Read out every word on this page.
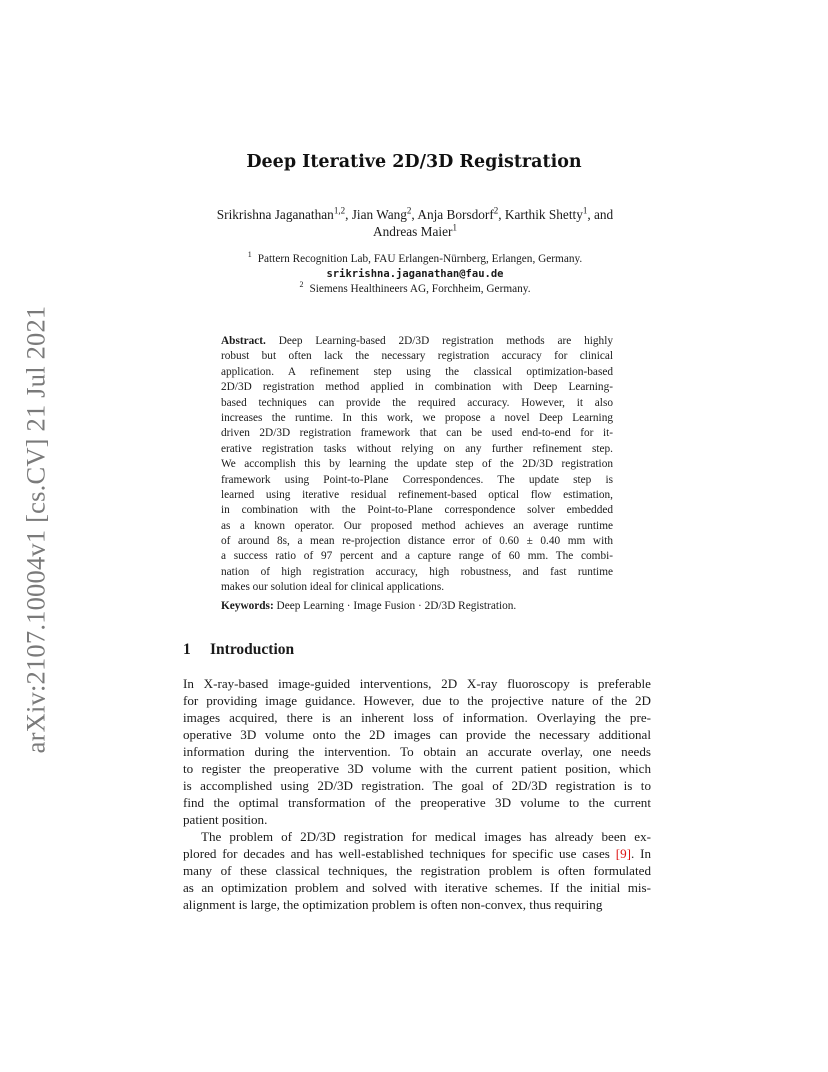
arXiv:2107.10004v1 [cs.CV] 21 Jul 2021
Deep Iterative 2D/3D Registration
Srikrishna Jaganathan$^{1,2}$, Jian Wang$^2$, Anja Borsdorf$^2$, Karthik Shetty$^1$, and
Andreas Maier$^1$
$^1$ Pattern Recognition Lab, FAU Erlangen-Nürnberg, Erlangen, Germany.
srikrishna.jaganathan@fau.de
$^2$ Siemens Healthineers AG, Forchheim, Germany.
Abstract. Deep Learning-based 2D/3D registration methods are highly
robust but often lack the necessary registration accuracy for clinical
application. A refinement step using the classical optimization-based
2D/3D registration method applied in combination with Deep Learning-
based techniques can provide the required accuracy. However, it also
increases the runtime. In this work, we propose a novel Deep Learning
driven 2D/3D registration framework that can be used end-to-end for it-
erative registration tasks without relying on any further refinement step.
We accomplish this by learning the update step of the 2D/3D registration
framework using Point-to-Plane Correspondences. The update step is
learned using iterative residual refinement-based optical flow estimation,
in combination with the Point-to-Plane correspondence solver embedded
as a known operator. Our proposed method achieves an average runtime
of around 8s, a mean re-projection distance error of 0.60 ± 0.40 mm with
a success ratio of 97 percent and a capture range of 60 mm. The combi-
nation of high registration accuracy, high robustness, and fast runtime
makes our solution ideal for clinical applications.
Keywords: Deep Learning · Image Fusion · 2D/3D Registration.
1 Introduction
In X-ray-based image-guided interventions, 2D X-ray fluoroscopy is preferable
for providing image guidance. However, due to the projective nature of the 2D
images acquired, there is an inherent loss of information. Overlaying the pre-
operative 3D volume onto the 2D images can provide the necessary additional
information during the intervention. To obtain an accurate overlay, one needs
to register the preoperative 3D volume with the current patient position, which
is accomplished using 2D/3D registration. The goal of 2D/3D registration is to
find the optimal transformation of the preoperative 3D volume to the current
patient position.
The problem of 2D/3D registration for medical images has already been ex-
plored for decades and has well-established techniques for specific use cases [9]. In
many of these classical techniques, the registration problem is often formulated
as an optimization problem and solved with iterative schemes. If the initial mis-
alignment is large, the optimization problem is often non-convex, thus requiring
